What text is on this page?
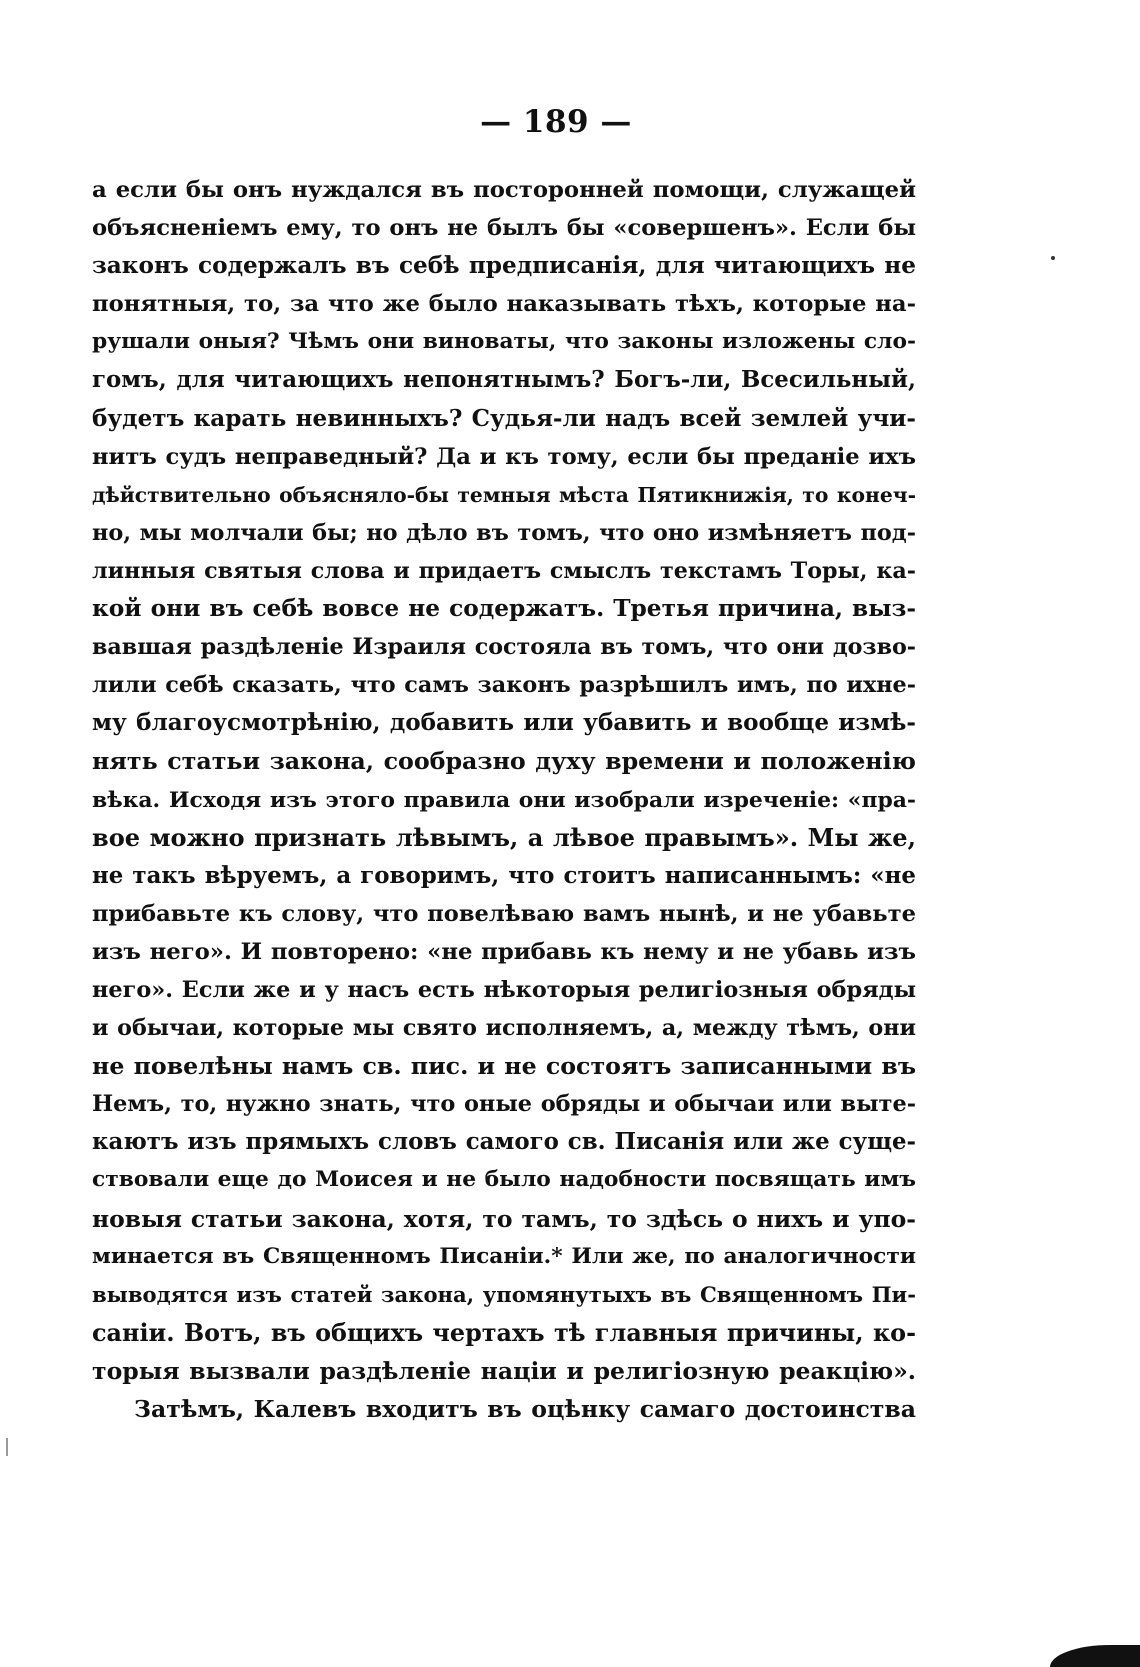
— 189 —
а если бы онъ нуждался въ посторонней помощи, служащей
объясненіемъ ему, то онъ не былъ бы «совершенъ». Если бы
законъ содержалъ въ себѣ предписанія, для читающихъ не
понятныя, то, за что же было наказывать тѣхъ, которые на-
рушали оныя? Чѣмъ они виноваты, что законы изложены сло-
гомъ, для читающихъ непонятнымъ? Богъ-ли, Всесильный,
будетъ карать невинныхъ? Судья-ли надъ всей землей учи-
нитъ судъ неправедный? Да и къ тому, если бы преданіе ихъ
дѣйствительно объясняло-бы темныя мѣста Пятикнижія, то конеч-
но, мы молчали бы; но дѣло въ томъ, что оно измѣняетъ под-
линныя святыя слова и придаетъ смыслъ текстамъ Торы, ка-
кой они въ себѣ вовсе не содержатъ. Третья причина, выз-
вавшая раздѣленіе Израиля состояла въ томъ, что они дозво-
лили себѣ сказать, что самъ законъ разрѣшилъ имъ, по ихне-
му благоусмотрѣнію, добавить или убавить и вообще измѣ-
нять статьи закона, сообразно духу времени и положенію
вѣка. Исходя изъ этого правила они изобрали изреченіе: «пра-
вое можно признать лѣвымъ, а лѣвое правымъ». Мы же,
не такъ вѣруемъ, а говоримъ, что стоитъ написаннымъ: «не
прибавьте къ слову, что повелѣваю вамъ нынѣ, и не убавьте
изъ него». И повторено: «не прибавь къ нему и не убавь изъ
него». Если же и у насъ есть нѣкоторыя религіозныя обряды
и обычаи, которые мы свято исполняемъ, а, между тѣмъ, они
не повелѣны намъ св. пис. и не состоятъ записанными въ
Немъ, то, нужно знать, что оные обряды и обычаи или выте-
каютъ изъ прямыхъ словъ самого св. Писанія или же суще-
ствовали еще до Моисея и не было надобности посвящать имъ
новыя статьи закона, хотя, то тамъ, то здѣсь о нихъ и упо-
минается въ Священномъ Писаніи.* Или же, по аналогичности
выводятся изъ статей закона, упомянутыхъ въ Священномъ Пи-
саніи. Вотъ, въ общихъ чертахъ тѣ главныя причины, ко-
торыя вызвали раздѣленіе націи и религіозную реакцію».
Затѣмъ, Калевъ входитъ въ оцѣнку самаго достоинства
